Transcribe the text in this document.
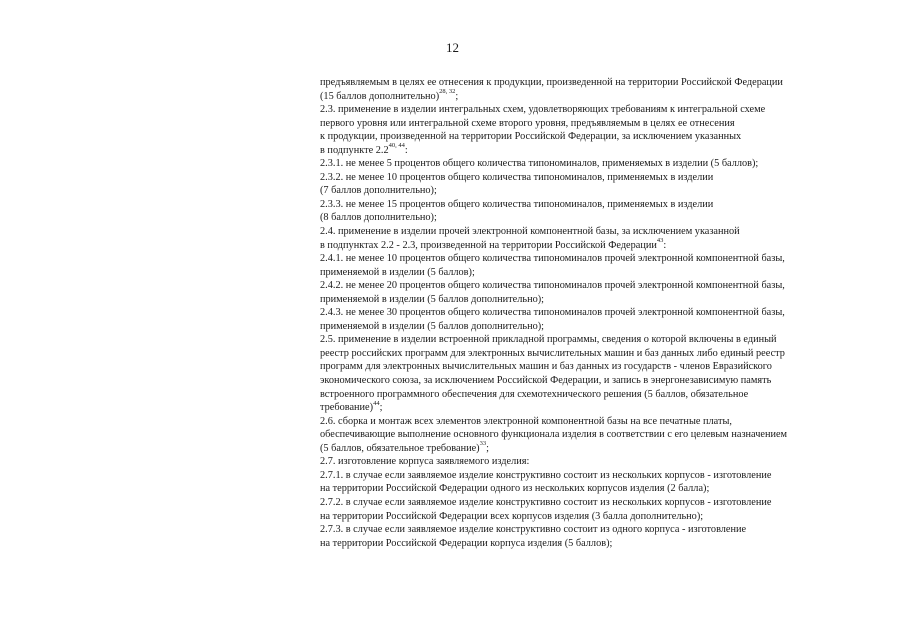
12
предъявляемым в целях ее отнесения к продукции, произведенной на территории Российской Федерации
(15 баллов дополнительно)$^{28, 32}$;
2.3. применение в изделии интегральных схем, удовлетворяющих требованиям к интегральной схеме
первого уровня или интегральной схеме второго уровня, предъявляемым в целях ее отнесения
к продукции, произведенной на территории Российской Федерации, за исключением указанных
в подпункте 2.2$^{40, 44}$:
2.3.1. не менее 5 процентов общего количества типономиналов, применяемых в изделии (5 баллов);
2.3.2. не менее 10 процентов общего количества типономиналов, применяемых в изделии
(7 баллов дополнительно);
2.3.3. не менее 15 процентов общего количества типономиналов, применяемых в изделии
(8 баллов дополнительно);
2.4. применение в изделии прочей электронной компонентной базы, за исключением указанной
в подпунктах 2.2 - 2.3, произведенной на территории Российской Федерации$^{43}$:
2.4.1. не менее 10 процентов общего количества типономиналов прочей электронной компонентной базы,
применяемой в изделии (5 баллов);
2.4.2. не менее 20 процентов общего количества типономиналов прочей электронной компонентной базы,
применяемой в изделии (5 баллов дополнительно);
2.4.3. не менее 30 процентов общего количества типономиналов прочей электронной компонентной базы,
применяемой в изделии (5 баллов дополнительно);
2.5. применение в изделии встроенной прикладной программы, сведения о которой включены в единый
реестр российских программ для электронных вычислительных машин и баз данных либо единый реестр
программ для электронных вычислительных машин и баз данных из государств - членов Евразийского
экономического союза, за исключением Российской Федерации, и запись в энергонезависимую память
встроенного программного обеспечения для схемотехнического решения (5 баллов, обязательное
требование)$^{44}$;
2.6. сборка и монтаж всех элементов электронной компонентной базы на все печатные платы,
обеспечивающие выполнение основного функционала изделия в соответствии с его целевым назначением
(5 баллов, обязательное требование)$^{33}$;
2.7. изготовление корпуса заявляемого изделия:
2.7.1. в случае если заявляемое изделие конструктивно состоит из нескольких корпусов - изготовление
на территории Российской Федерации одного из нескольких корпусов изделия (2 балла);
2.7.2. в случае если заявляемое изделие конструктивно состоит из нескольких корпусов - изготовление
на территории Российской Федерации всех корпусов изделия (3 балла дополнительно);
2.7.3. в случае если заявляемое изделие конструктивно состоит из одного корпуса - изготовление
на территории Российской Федерации корпуса изделия (5 баллов);
